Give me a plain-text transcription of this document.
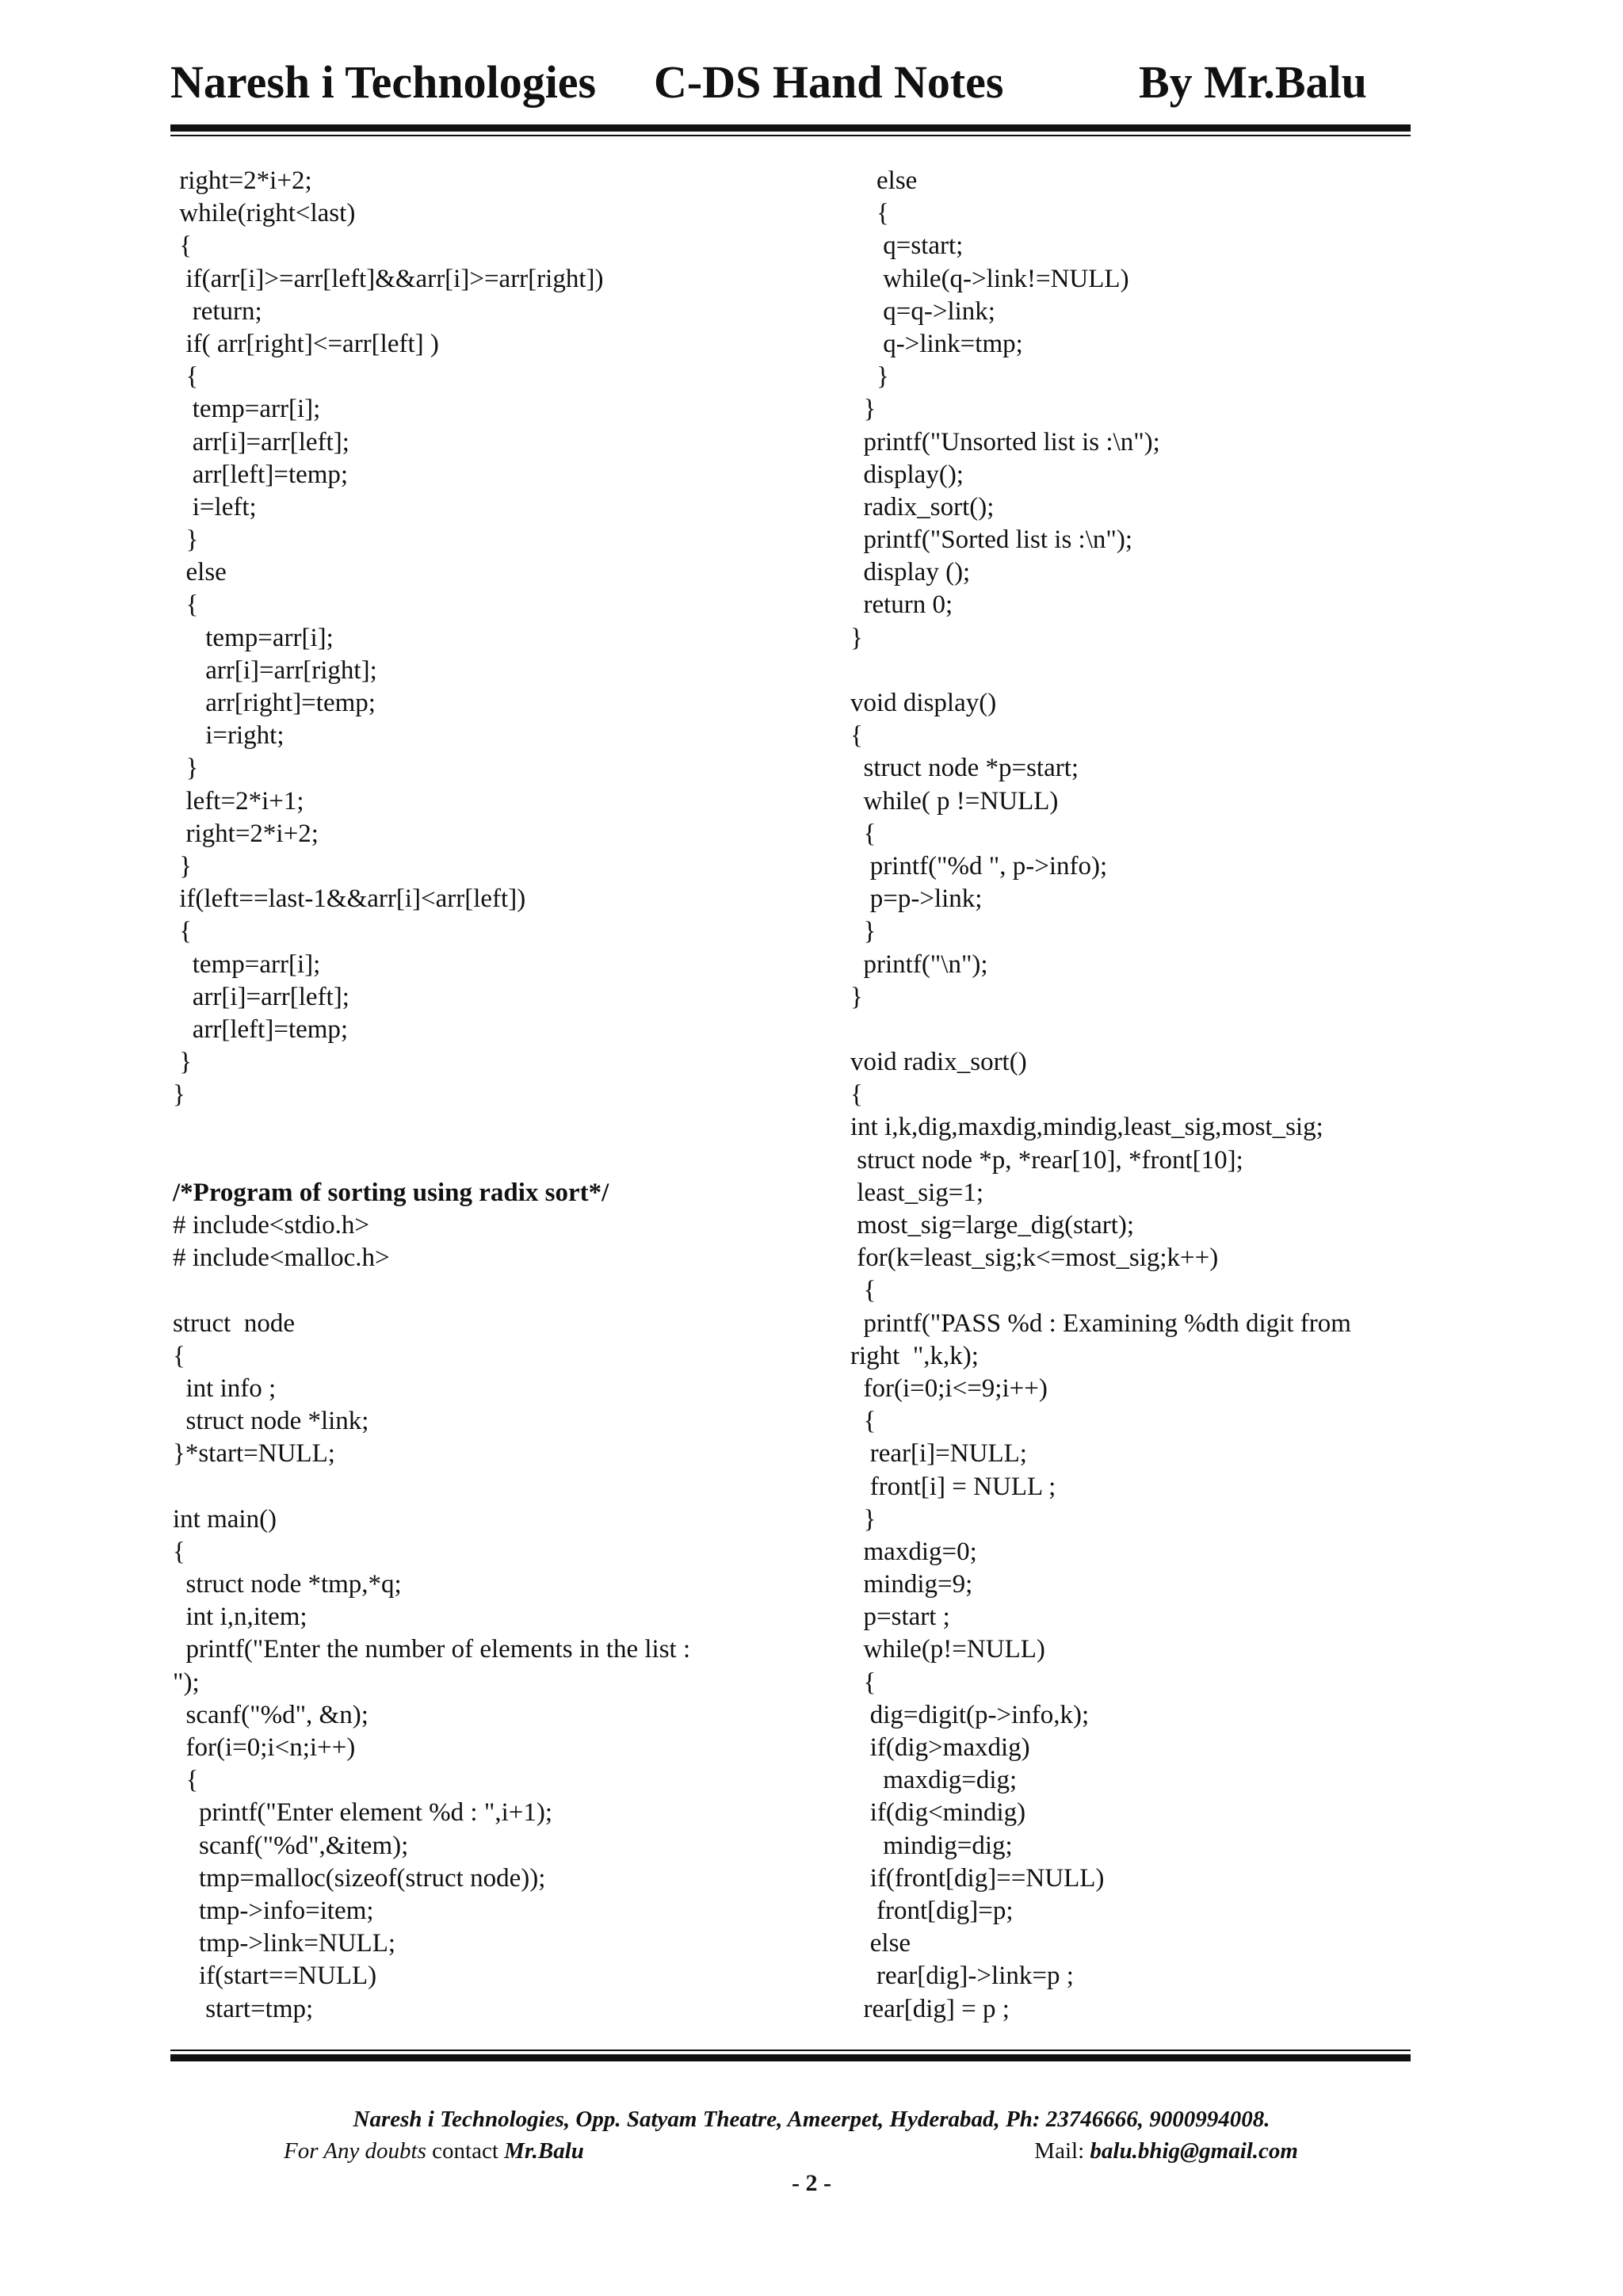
Naresh i Technologies C-DS Hand Notes	By Mr.Balu
right=2*i+2;
while(right<last)
{
if(arr[i]>=arr[left]&&arr[i]>=arr[right])
return;
if( arr[right]<=arr[left] )
{
temp=arr[i];
arr[i]=arr[left];
arr[left]=temp;
i=left;
}
else
{
temp=arr[i];
arr[i]=arr[right];
arr[right]=temp;
i=right;
}
left=2*i+1;
right=2*i+2;
}
if(left==last-1&&arr[i]<arr[left])
{
temp=arr[i];
arr[i]=arr[left];
arr[left]=temp;
}
}
/*Program of sorting using radix sort*/
# include<stdio.h>
# include<malloc.h>
struct  node
{
int info ;
struct node *link;
}*start=NULL;
int main()
{
struct node *tmp,*q;
int i,n,item;
printf("Enter the number of elements in the list :
");
scanf("%d", &n);
for(i=0;i<n;i++)
{
printf("Enter element %d : ",i+1);
scanf("%d",&item);
tmp=malloc(sizeof(struct node));
tmp->info=item;
tmp->link=NULL;
if(start==NULL)
start=tmp;
else
{
q=start;
while(q->link!=NULL)
q=q->link;
q->link=tmp;
}
}
printf("Unsorted list is :\n");
display();
radix_sort();
printf("Sorted list is :\n");
display ();
return 0;
}
void display()
{
struct node *p=start;
while( p !=NULL)
{
printf("%d ", p->info);
p=p->link;
}
printf("\n");
}
void radix_sort()
{
int i,k,dig,maxdig,mindig,least_sig,most_sig;
struct node *p, *rear[10], *front[10];
least_sig=1;
most_sig=large_dig(start);
for(k=least_sig;k<=most_sig;k++)
{
printf("PASS %d : Examining %dth digit from
right  ",k,k);
for(i=0;i<=9;i++)
{
rear[i]=NULL;
front[i] = NULL ;
}
maxdig=0;
mindig=9;
p=start ;
while(p!=NULL)
{
dig=digit(p->info,k);
if(dig>maxdig)
maxdig=dig;
if(dig<mindig)
mindig=dig;
if(front[dig]==NULL)
front[dig]=p;
else
rear[dig]->link=p ;
rear[dig] = p ;
Naresh i Technologies, Opp. Satyam Theatre, Ameerpet, Hyderabad, Ph: 23746666, 9000994008.
For Any doubts contact Mr.Balu	Mail: balu.bhig@gmail.com
- 2 -
